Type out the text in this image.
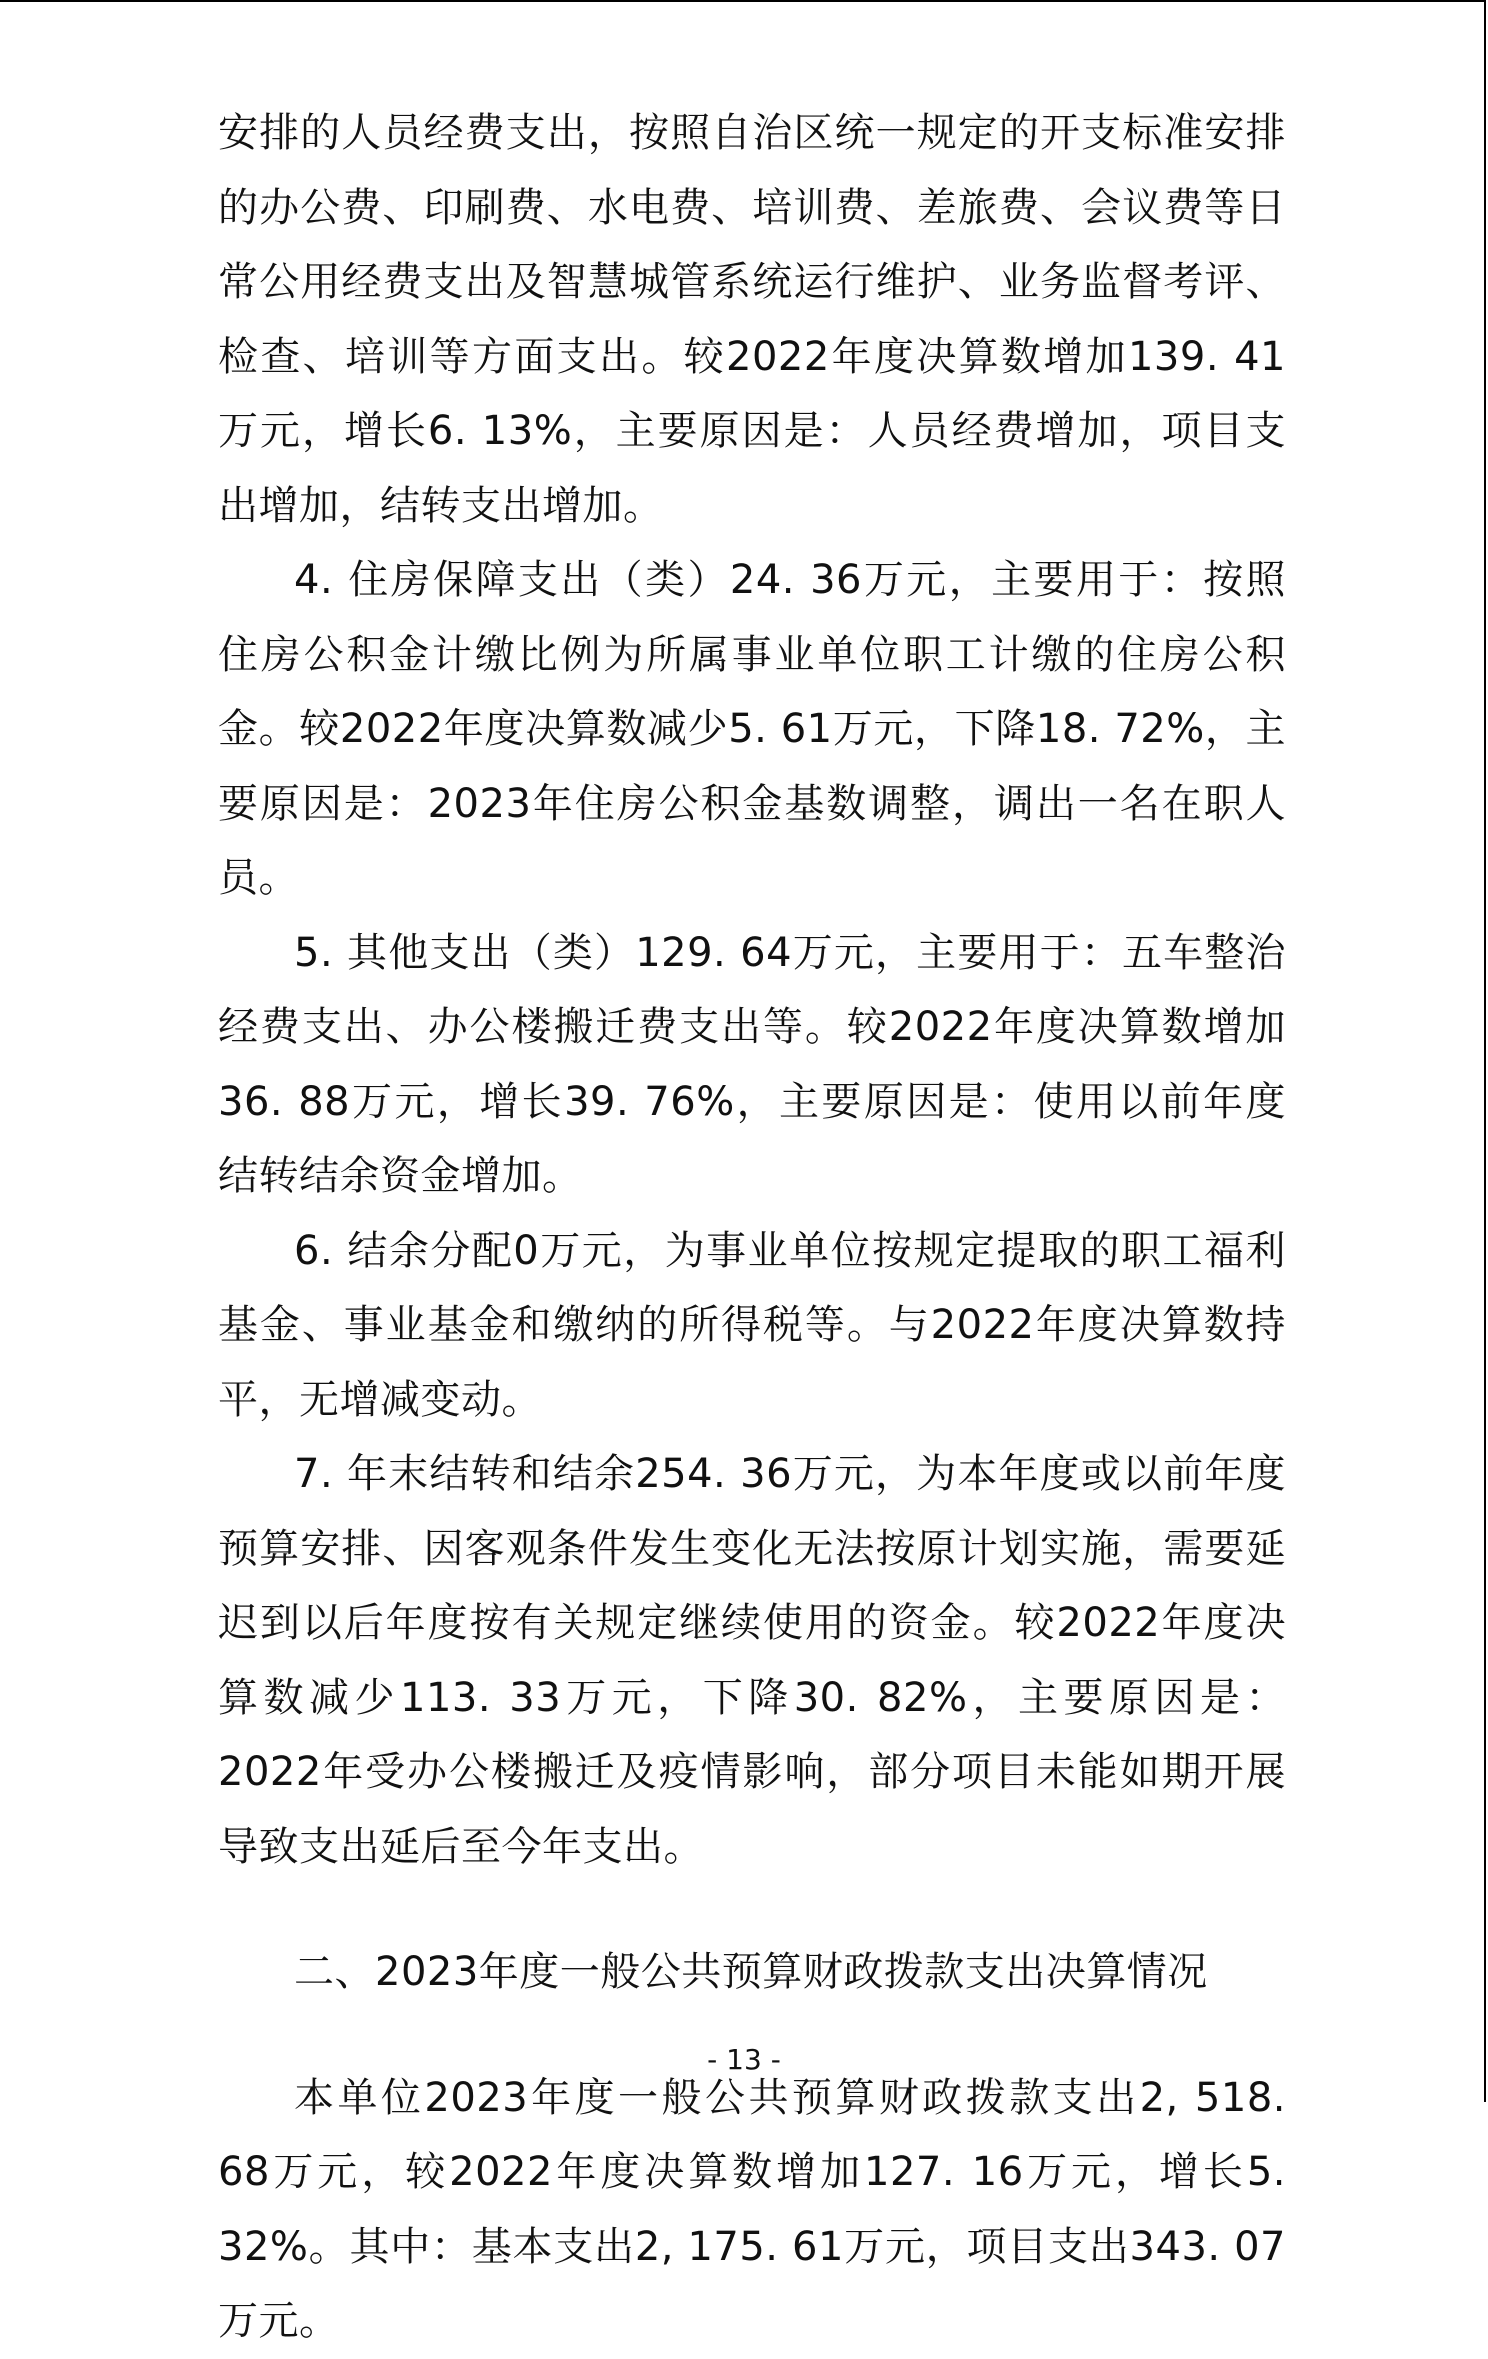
安排的人员经费支出，按照自治区统一规定的开支标准安排的办公费、印刷费、水电费、培训费、差旅费、会议费等日常公用经费支出及智慧城管系统运行维护、业务监督考评、检查、培训等方面支出。较2022年度决算数增加139. 41万元，增长6. 13%，主要原因是：人员经费增加，项目支出增加，结转支出增加。

4. 住房保障支出（类）24. 36万元，主要用于：按照住房公积金计缴比例为所属事业单位职工计缴的住房公积金。较2022年度决算数减少5. 61万元，下降18. 72%，主要原因是：2023年住房公积金基数调整，调出一名在职人员。

5. 其他支出（类）129. 64万元，主要用于：五车整治经费支出、办公楼搬迁费支出等。较2022年度决算数增加36. 88万元，增长39. 76%，主要原因是：使用以前年度结转结余资金增加。

6. 结余分配0万元，为事业单位按规定提取的职工福利基金、事业基金和缴纳的所得税等。与2022年度决算数持平，无增减变动。

7. 年末结转和结余254. 36万元，为本年度或以前年度预算安排、因客观条件发生变化无法按原计划实施，需要延迟到以后年度按有关规定继续使用的资金。较2022年度决算数减少113. 33万元，下降30. 82%，主要原因是：2022年受办公楼搬迁及疫情影响，部分项目未能如期开展导致支出延后至今年支出。

二、2023年度一般公共预算财政拨款支出决算情况

本单位2023年度一般公共预算财政拨款支出2, 518. 68万元，较2022年度决算数增加127. 16万元，增长5. 32%。其中：基本支出2, 175. 61万元，项目支出343. 07万元。

- 13 -
